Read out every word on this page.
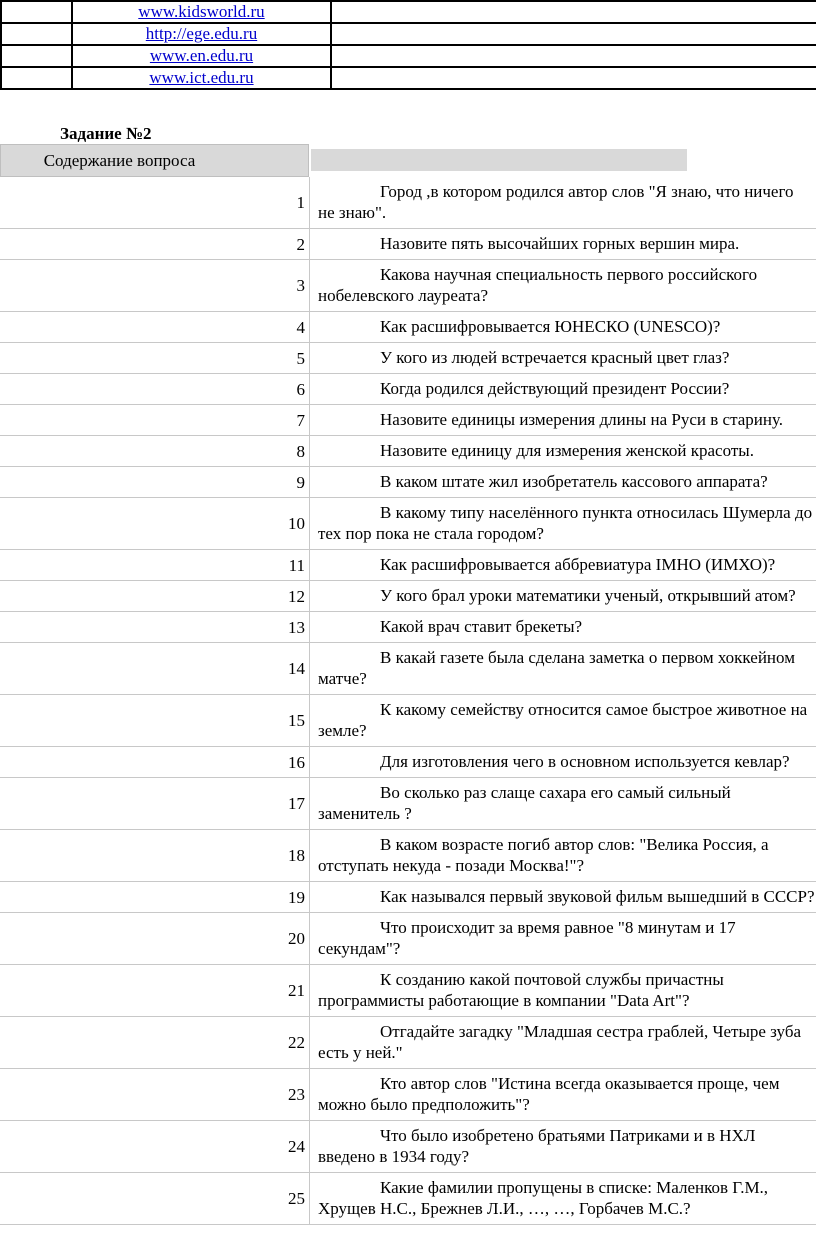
	www.kidsworld.ru	
	http://ege.edu.ru	
	www.en.edu.ru	
	www.ict.edu.ru	
Задание №2
Содержание вопроса
1	Город ,в котором родился автор слов "Я знаю, что ничего
не знаю".

2	Назовите пять высочайших горных вершин мира.

3	Какова научная специальность первого российского
нобелевского лауреата?

4	Как расшифровывается ЮНЕСКО (UNESCO)?

5	У кого из людей встречается красный цвет глаз?

6	Когда родился действующий президент России?

7	Назовите единицы измерения длины на Руси в старину.

8	Назовите единицу для измерения женской красоты.

9	В каком штате жил изобретатель кассового аппарата?

10	В какому типу населённого пункта относилась Шумерла до
тех пор пока не стала городом?

11	Как расшифровывается аббревиатура IMHO (ИМХО)?

12	У кого брал уроки математики ученый, открывший атом?

13	Какой врач ставит брекеты?

14	В какай газете была сделана заметка о первом хоккейном
матче?

15	К какому семейству относится самое быстрое животное на
земле?

16	Для изготовления чего в основном используется кевлар?

17	Во сколько раз слаще сахара его самый сильный
заменитель ?

18	В каком возрасте погиб автор слов: "Велика Россия, а
отступать некуда - позади Москва!"?

19	Как назывался первый звуковой фильм вышедший в СССР?

20	Что происходит за время равное "8 минутам и 17
секундам"?

21	К созданию какой почтовой службы причастны
программисты работающие в компании "Data Art"?

22	Отгадайте загадку "Младшая сестра граблей, Четыре зуба
есть у ней."

23	Кто автор слов "Истина всегда оказывается проще, чем
можно было предположить"?

24	Что было изобретено братьями Патриками и в НХЛ
введено в 1934 году?

25	Какие фамилии пропущены в списке: Маленков Г.М.,
Хрущев Н.С., Брежнев Л.И., …, …, Горбачев М.С.?
